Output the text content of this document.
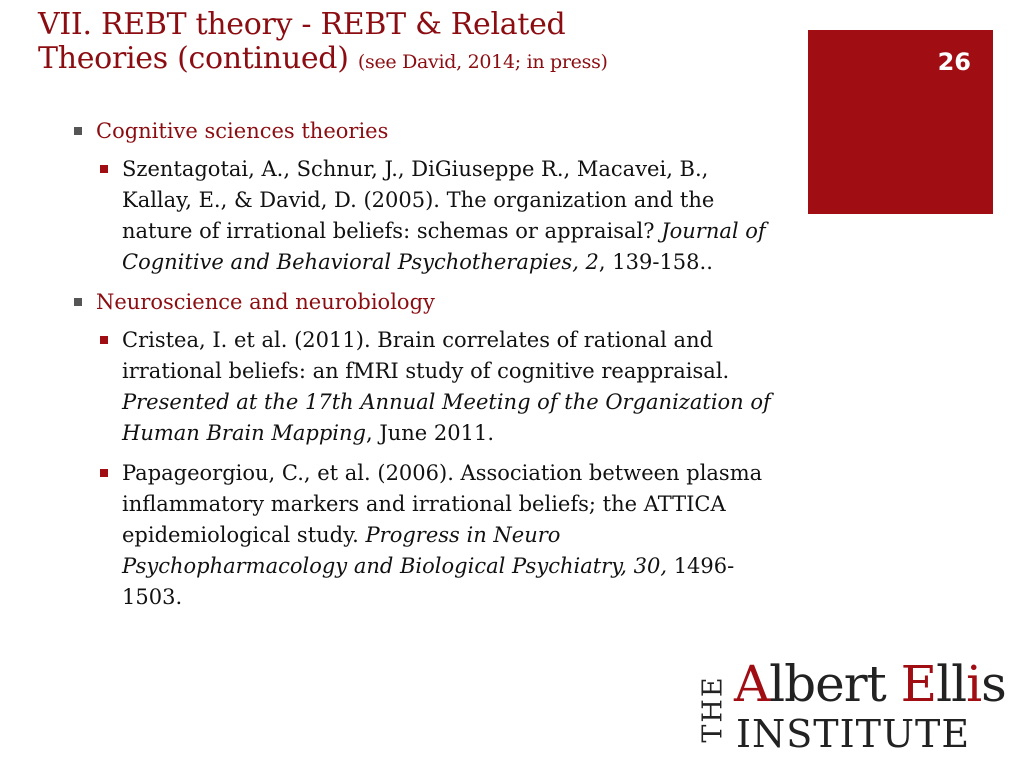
VII. REBT theory - REBT & Related
Theories (continued) (see David, 2014; in press)	26
Cognitive sciences theories
Szentagotai, A., Schnur, J., DiGiuseppe R., Macavei, B., Kallay, E., & David, D. (2005). The organization and the nature of irrational beliefs: schemas or appraisal? Journal of Cognitive and Behavioral Psychotherapies, 2, 139-158..
Neuroscience and neurobiology
Cristea, I. et al. (2011). Brain correlates of rational and irrational beliefs: an fMRI study of cognitive reappraisal. Presented at the 17th Annual Meeting of the Organization of Human Brain Mapping, June 2011.
Papageorgiou, C., et al. (2006). Association between plasma inflammatory markers and irrational beliefs; the ATTICA epidemiological study. Progress in Neuro Psychopharmacology and Biological Psychiatry, 30, 1496-1503.
THE Albert Ellis
INSTITUTE
